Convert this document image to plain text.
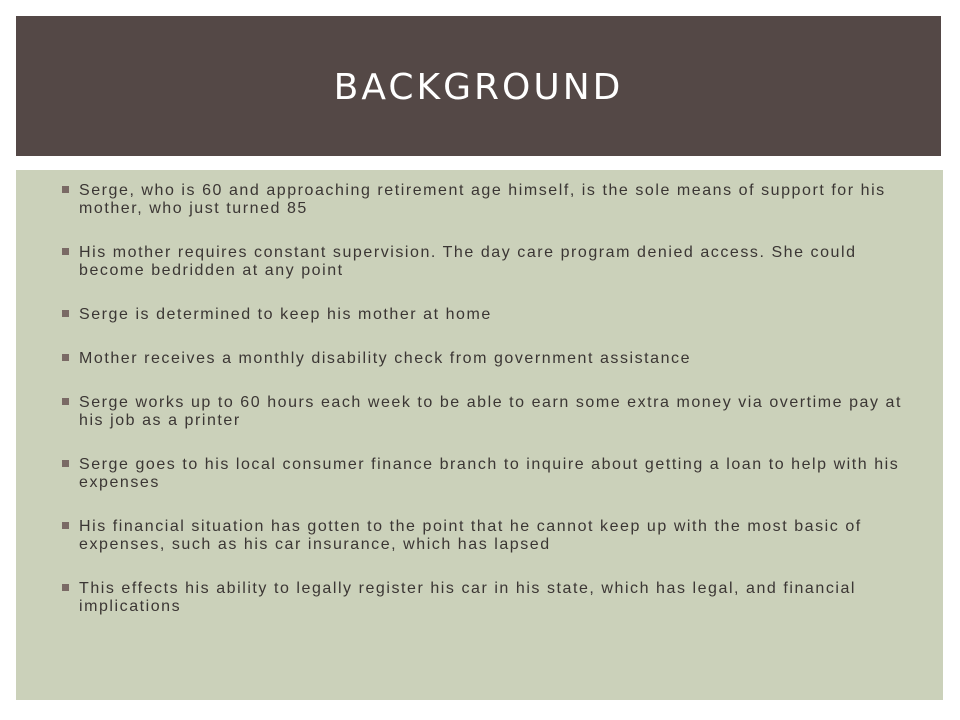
BACKGROUND
Serge, who is 60 and approaching retirement age himself, is the sole means of support for his mother, who just turned 85
His mother requires constant supervision. The day care program denied access. She could become bedridden at any point
Serge is determined to keep his mother at home
Mother receives a monthly disability check from government assistance
Serge works up to 60 hours each week to be able to earn some extra money via overtime pay at his job as a printer
Serge goes to his local consumer finance branch to inquire about getting a loan to help with his expenses
His financial situation has gotten to the point that he cannot keep up with the most basic of expenses, such as his car insurance, which has lapsed
This effects his ability to legally register his car in his state, which has legal, and financial implications
